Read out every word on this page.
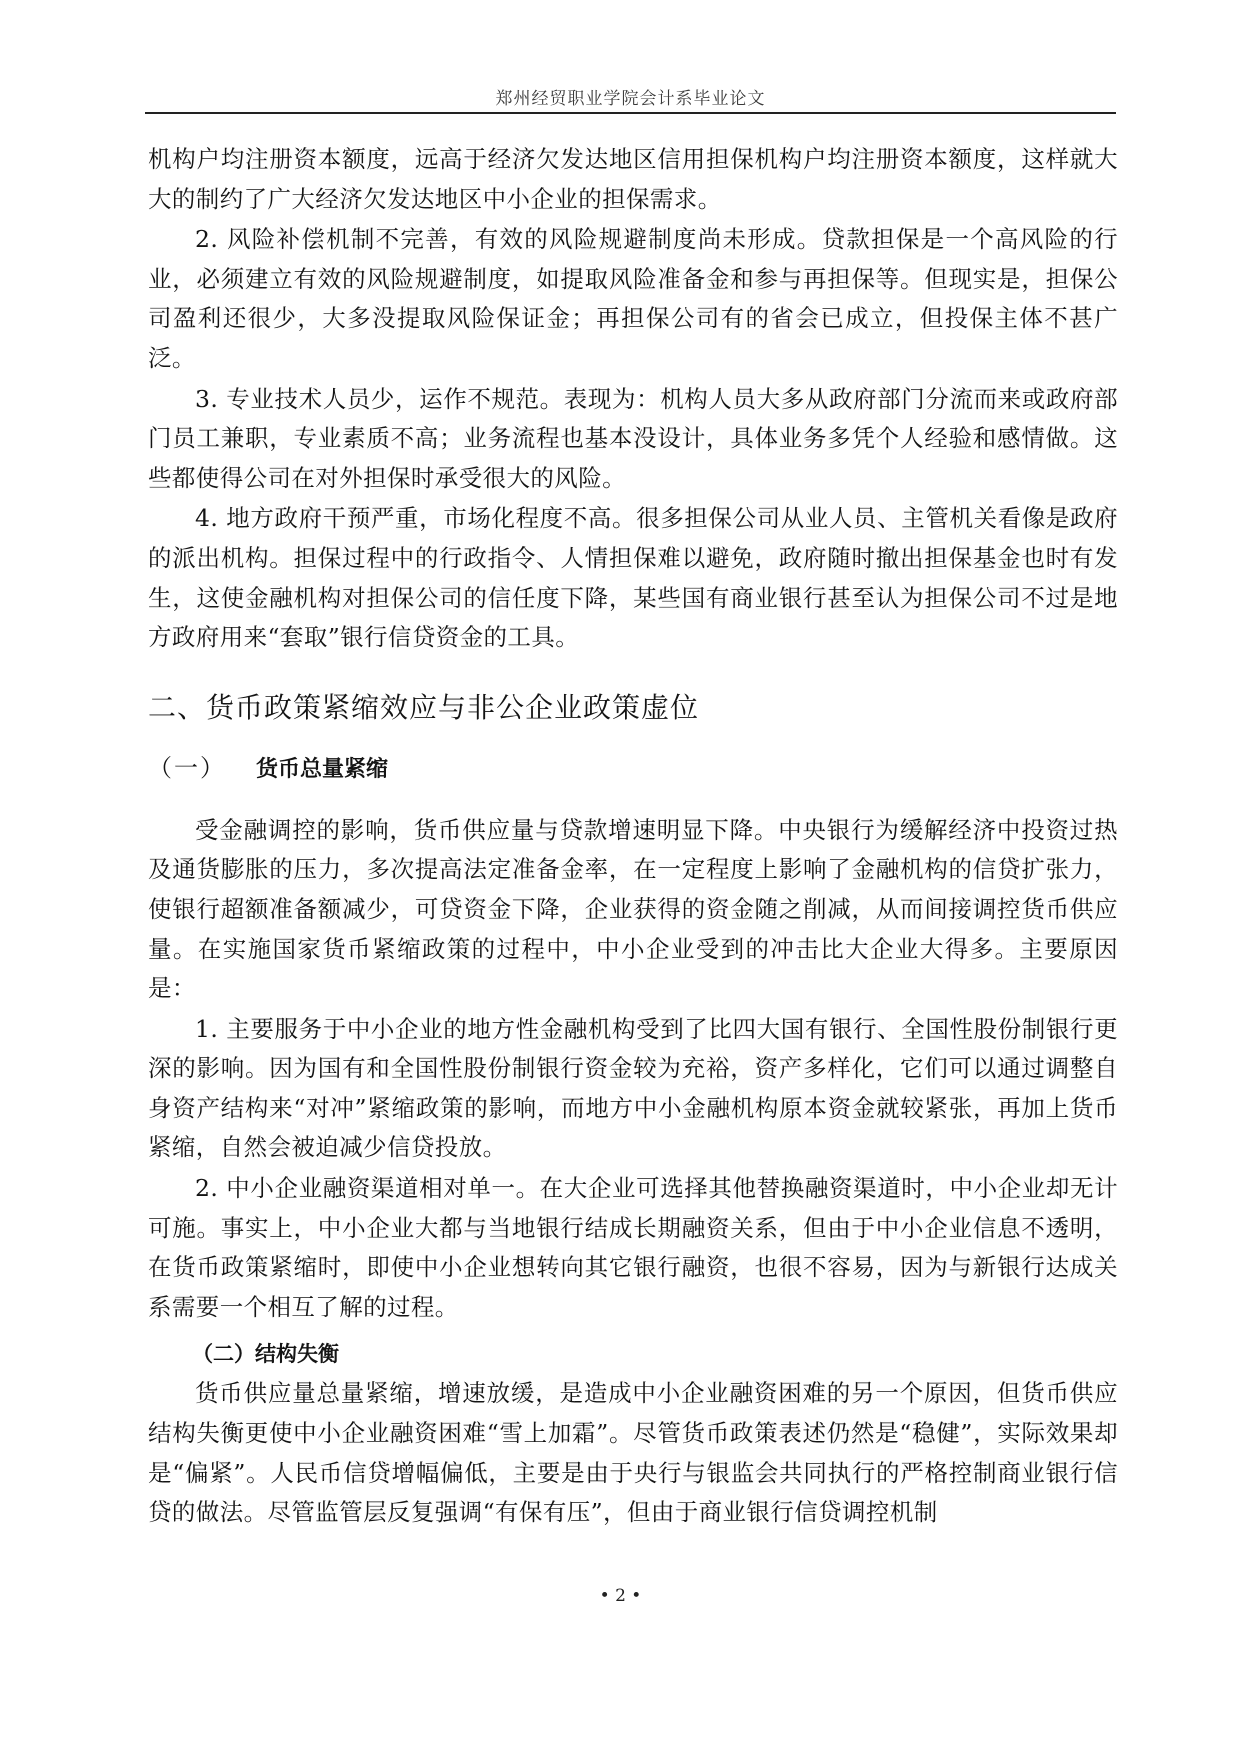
郑州经贸职业学院会计系毕业论文

机构户均注册资本额度，远高于经济欠发达地区信用担保机构户均注册资本额度，这样就大大的制约了广大经济欠发达地区中小企业的担保需求。

2. 风险补偿机制不完善，有效的风险规避制度尚未形成。贷款担保是一个高风险的行业，必须建立有效的风险规避制度，如提取风险准备金和参与再担保等。但现实是，担保公司盈利还很少，大多没提取风险保证金；再担保公司有的省会已成立，但投保主体不甚广泛。

3. 专业技术人员少，运作不规范。表现为：机构人员大多从政府部门分流而来或政府部门员工兼职，专业素质不高；业务流程也基本没设计，具体业务多凭个人经验和感情做。这些都使得公司在对外担保时承受很大的风险。

4. 地方政府干预严重，市场化程度不高。很多担保公司从业人员、主管机关看像是政府的派出机构。担保过程中的行政指令、人情担保难以避免，政府随时撤出担保基金也时有发生，这使金融机构对担保公司的信任度下降，某些国有商业银行甚至认为担保公司不过是地方政府用来“套取”银行信贷资金的工具。

二、货币政策紧缩效应与非公企业政策虚位
（一） 货币总量紧缩

受金融调控的影响，货币供应量与贷款增速明显下降。中央银行为缓解经济中投资过热及通货膨胀的压力，多次提高法定准备金率，在一定程度上影响了金融机构的信贷扩张力，使银行超额准备额减少，可贷资金下降，企业获得的资金随之削减，从而间接调控货币供应量。在实施国家货币紧缩政策的过程中，中小企业受到的冲击比大企业大得多。主要原因是：

1. 主要服务于中小企业的地方性金融机构受到了比四大国有银行、全国性股份制银行更深的影响。因为国有和全国性股份制银行资金较为充裕，资产多样化，它们可以通过调整自身资产结构来“对冲”紧缩政策的影响，而地方中小金融机构原本资金就较紧张，再加上货币紧缩，自然会被迫减少信贷投放。

2. 中小企业融资渠道相对单一。在大企业可选择其他替换融资渠道时，中小企业却无计可施。事实上，中小企业大都与当地银行结成长期融资关系，但由于中小企业信息不透明，在货币政策紧缩时，即使中小企业想转向其它银行融资，也很不容易，因为与新银行达成关系需要一个相互了解的过程。

（二）结构失衡

货币供应量总量紧缩，增速放缓，是造成中小企业融资困难的另一个原因，但货币供应结构失衡更使中小企业融资困难“雪上加霜”。尽管货币政策表述仍然是“稳健”，实际效果却是“偏紧”。人民币信贷增幅偏低，主要是由于央行与银监会共同执行的严格控制商业银行信贷的做法。尽管监管层反复强调“有保有压”，但由于商业银行信贷调控机制

• 2 •
